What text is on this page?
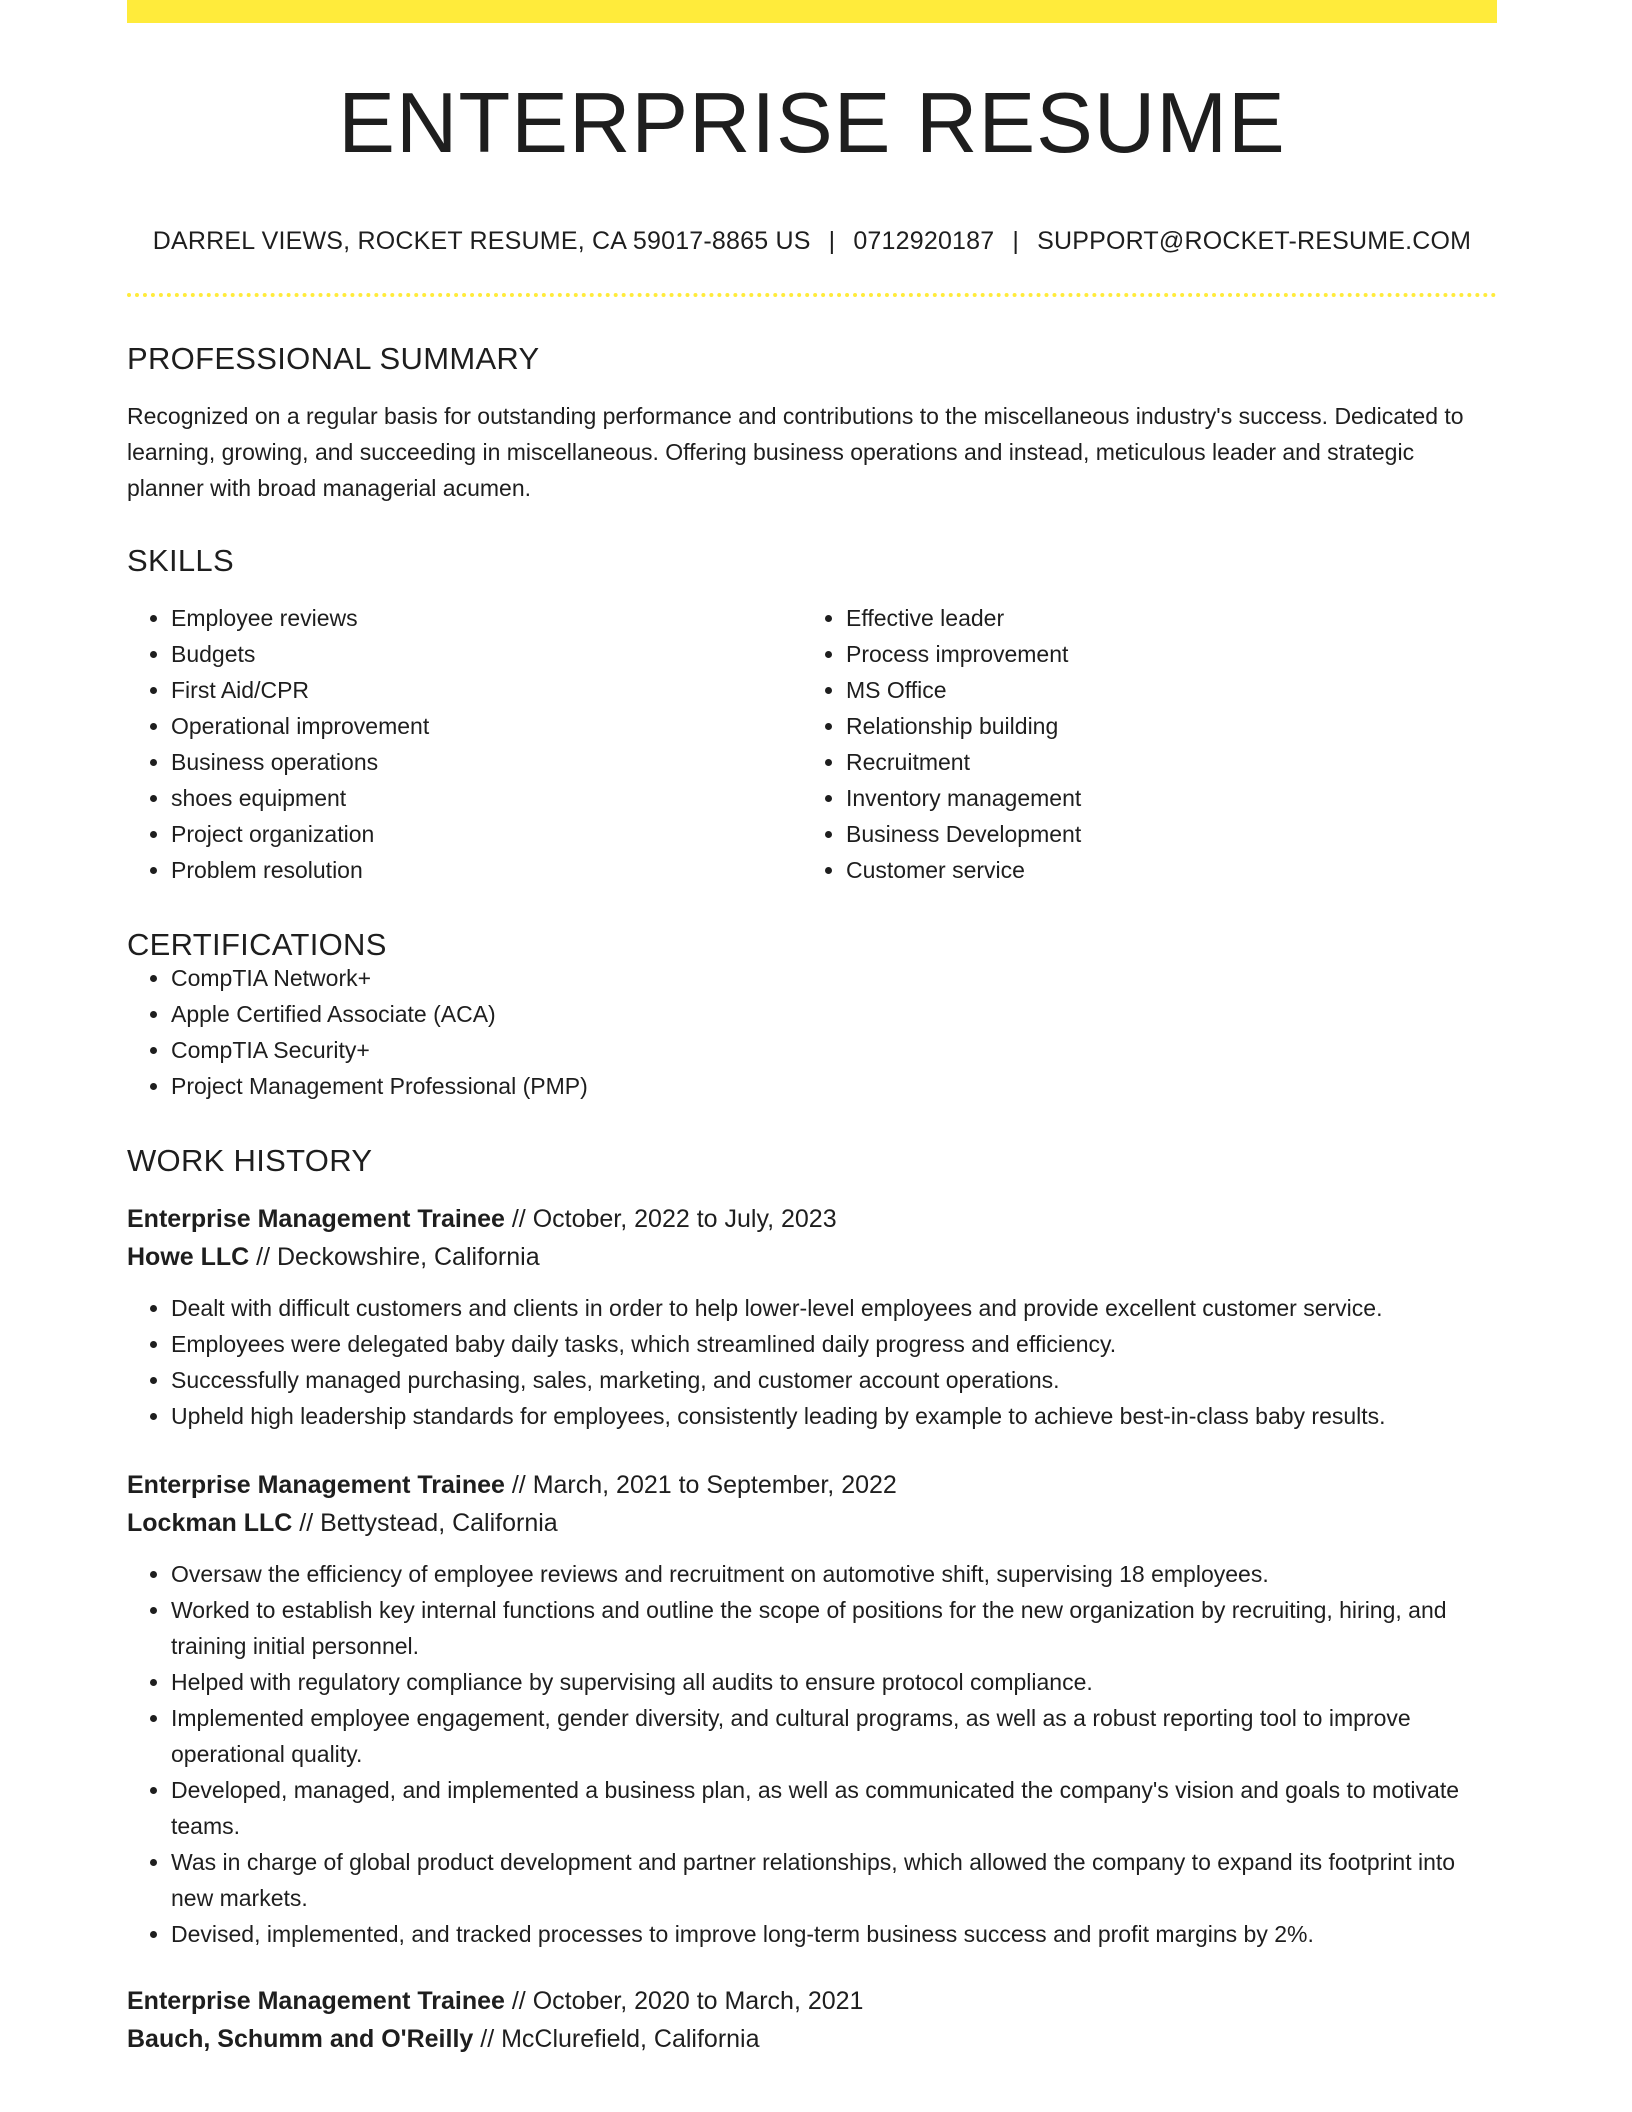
ENTERPRISE RESUME
DARREL VIEWS, ROCKET RESUME, CA 59017-8865 US | 0712920187 | SUPPORT@ROCKET-RESUME.COM
PROFESSIONAL SUMMARY
Recognized on a regular basis for outstanding performance and contributions to the miscellaneous industry's success. Dedicated to learning, growing, and succeeding in miscellaneous. Offering business operations and instead, meticulous leader and strategic planner with broad managerial acumen.
SKILLS
• Employee reviews
• Budgets
• First Aid/CPR
• Operational improvement
• Business operations
• shoes equipment
• Project organization
• Problem resolution
• Effective leader
• Process improvement
• MS Office
• Relationship building
• Recruitment
• Inventory management
• Business Development
• Customer service
CERTIFICATIONS
• CompTIA Network+
• Apple Certified Associate (ACA)
• CompTIA Security+
• Project Management Professional (PMP)
WORK HISTORY
Enterprise Management Trainee // October, 2022 to July, 2023
Howe LLC // Deckowshire, California
• Dealt with difficult customers and clients in order to help lower-level employees and provide excellent customer service.
• Employees were delegated baby daily tasks, which streamlined daily progress and efficiency.
• Successfully managed purchasing, sales, marketing, and customer account operations.
• Upheld high leadership standards for employees, consistently leading by example to achieve best-in-class baby results.
Enterprise Management Trainee // March, 2021 to September, 2022
Lockman LLC // Bettystead, California
• Oversaw the efficiency of employee reviews and recruitment on automotive shift, supervising 18 employees.
• Worked to establish key internal functions and outline the scope of positions for the new organization by recruiting, hiring, and training initial personnel.
• Helped with regulatory compliance by supervising all audits to ensure protocol compliance.
• Implemented employee engagement, gender diversity, and cultural programs, as well as a robust reporting tool to improve operational quality.
• Developed, managed, and implemented a business plan, as well as communicated the company's vision and goals to motivate teams.
• Was in charge of global product development and partner relationships, which allowed the company to expand its footprint into new markets.
• Devised, implemented, and tracked processes to improve long-term business success and profit margins by 2%.
Enterprise Management Trainee // October, 2020 to March, 2021
Bauch, Schumm and O'Reilly // McClurefield, California
